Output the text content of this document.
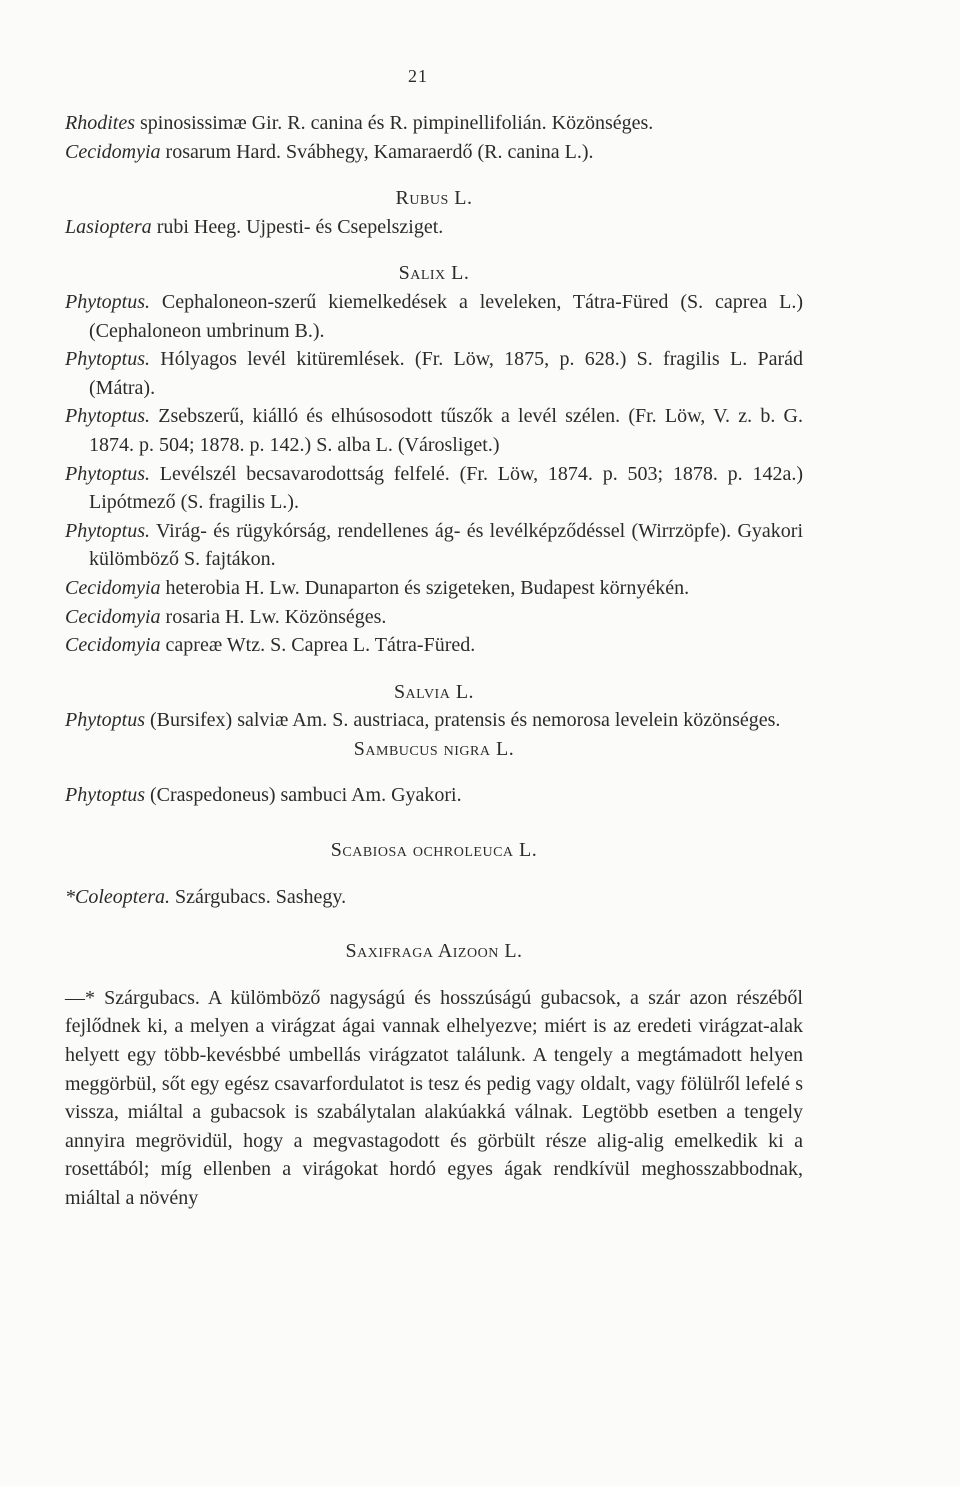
21

Rhodites spinosissimæ Gir. R. canina és R. pimpinellifolián. Közönséges.

Cecidomyia rosarum Hard. Svábhegy, Kamaraerdő (R. canina L.).

Rubus L.

Lasioptera rubi Heeg. Ujpesti- és Csepelsziget.

Salix L.

Phytoptus. Cephaloneon-szerű kiemelkedések a leveleken, Tátra-Füred (S. caprea L.) (Cephaloneon umbrinum B.).

Phytoptus. Hólyagos levél kitüremlések. (Fr. Löw, 1875, p. 628.) S. fragilis L. Parád (Mátra).

Phytoptus. Zsebszerű, kiálló és elhúsosodott tűszők a levél szélen. (Fr. Löw, V. z. b. G. 1874. p. 504; 1878. p. 142.) S. alba L. (Városliget.)

Phytoptus. Levélszél becsavarodottság felfelé. (Fr. Löw, 1874. p. 503; 1878. p. 142a.) Lipótmező (S. fragilis L.).

Phytoptus. Virág- és rügykórság, rendellenes ág- és levélképződéssel (Wirrzöpfe). Gyakori külömböző S. fajtákon.

Cecidomyia heterobia H. Lw. Dunaparton és szigeteken, Budapest környékén.

Cecidomyia rosaria H. Lw. Közönséges.

Cecidomyia capreæ Wtz. S. Caprea L. Tátra-Füred.

Salvia L.

Phytoptus (Bursifex) salviæ Am. S. austriaca, pratensis és nemorosa levelein közönséges.

Sambucus nigra L.

Phytoptus (Craspedoneus) sambuci Am. Gyakori.

Scabiosa ochroleuca L.

*Coleoptera. Szárgubacs. Sashegy.

Saxifraga Aizoon L.

—* Szárgubacs. A külömböző nagyságú és hosszúságú gubacsok, a szár azon részéből fejlődnek ki, a melyen a virágzat ágai vannak elhelyezve; miért is az eredeti virágzat-alak helyett egy több-kevésbbé umbellás virágzatot találunk. A tengely a megtámadott helyen meggörbül, sőt egy egész csavarfordulatot is tesz és pedig vagy oldalt, vagy fölülről lefelé s vissza, miáltal a gubacsok is szabálytalan alakúakká válnak. Legtöbb esetben a tengely annyira megrövidül, hogy a megvastagodott és görbült része alig-alig emelkedik ki a rosettából; míg ellenben a virágokat hordó egyes ágak rendkívül meghosszabbodnak, miáltal a növény
